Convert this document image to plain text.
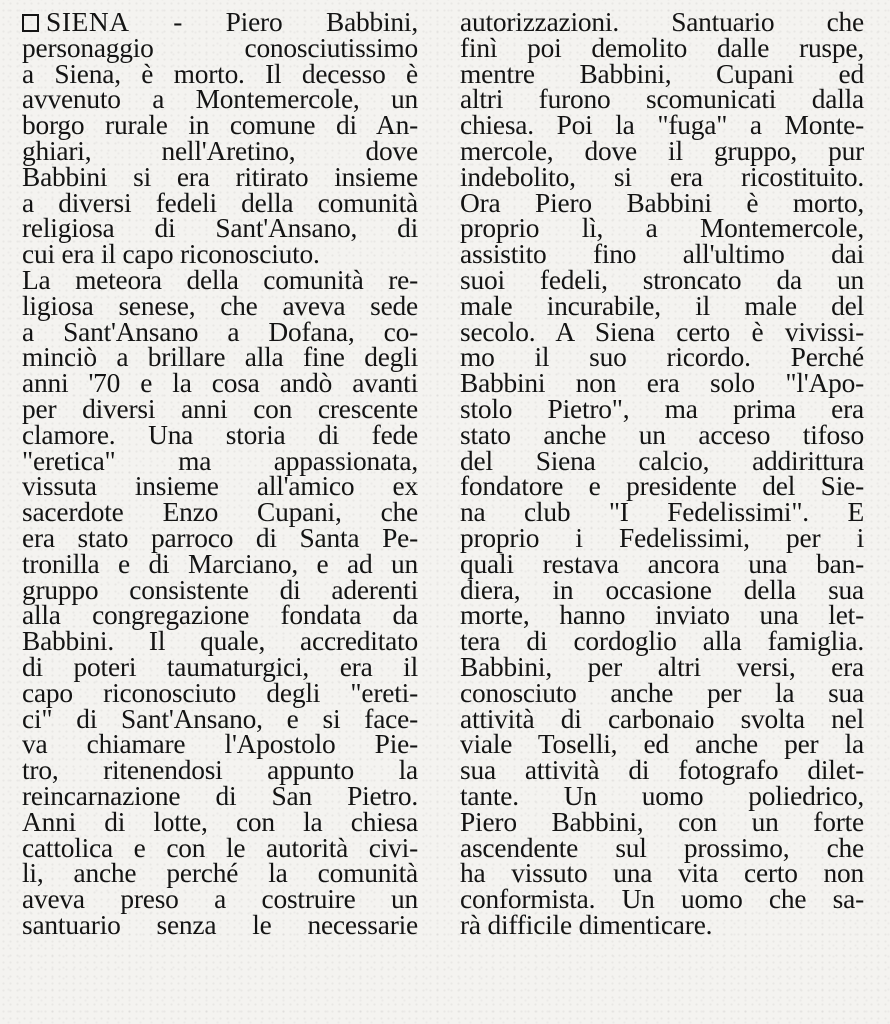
SIENA - Piero Babbini,
personaggio conosciutissimo
a Siena, è morto. Il decesso è
avvenuto a Montemercole, un
borgo rurale in comune di An-
ghiari, nell'Aretino, dove
Babbini si era ritirato insieme
a diversi fedeli della comunità
religiosa di Sant'Ansano, di
cui era il capo riconosciuto.
La meteora della comunità re-
ligiosa senese, che aveva sede
a Sant'Ansano a Dofana, co-
minciò a brillare alla fine degli
anni '70 e la cosa andò avanti
per diversi anni con crescente
clamore. Una storia di fede
"eretica" ma appassionata,
vissuta insieme all'amico ex
sacerdote Enzo Cupani, che
era stato parroco di Santa Pe-
tronilla e di Marciano, e ad un
gruppo consistente di aderenti
alla congregazione fondata da
Babbini. Il quale, accreditato
di poteri taumaturgici, era il
capo riconosciuto degli "ereti-
ci" di Sant'Ansano, e si face-
va chiamare l'Apostolo Pie-
tro, ritenendosi appunto la
reincarnazione di San Pietro.
Anni di lotte, con la chiesa
cattolica e con le autorità civi-
li, anche perché la comunità
aveva preso a costruire un
santuario senza le necessarie
autorizzazioni. Santuario che
finì poi demolito dalle ruspe,
mentre Babbini, Cupani ed
altri furono scomunicati dalla
chiesa. Poi la "fuga" a Monte-
mercole, dove il gruppo, pur
indebolito, si era ricostituito.
Ora Piero Babbini è morto,
proprio lì, a Montemercole,
assistito fino all'ultimo dai
suoi fedeli, stroncato da un
male incurabile, il male del
secolo. A Siena certo è vivissi-
mo il suo ricordo. Perché
Babbini non era solo "l'Apo-
stolo Pietro", ma prima era
stato anche un acceso tifoso
del Siena calcio, addirittura
fondatore e presidente del Sie-
na club "I Fedelissimi". E
proprio i Fedelissimi, per i
quali restava ancora una ban-
diera, in occasione della sua
morte, hanno inviato una let-
tera di cordoglio alla famiglia.
Babbini, per altri versi, era
conosciuto anche per la sua
attività di carbonaio svolta nel
viale Toselli, ed anche per la
sua attività di fotografo dilet-
tante. Un uomo poliedrico,
Piero Babbini, con un forte
ascendente sul prossimo, che
ha vissuto una vita certo non
conformista. Un uomo che sa-
rà difficile dimenticare.
